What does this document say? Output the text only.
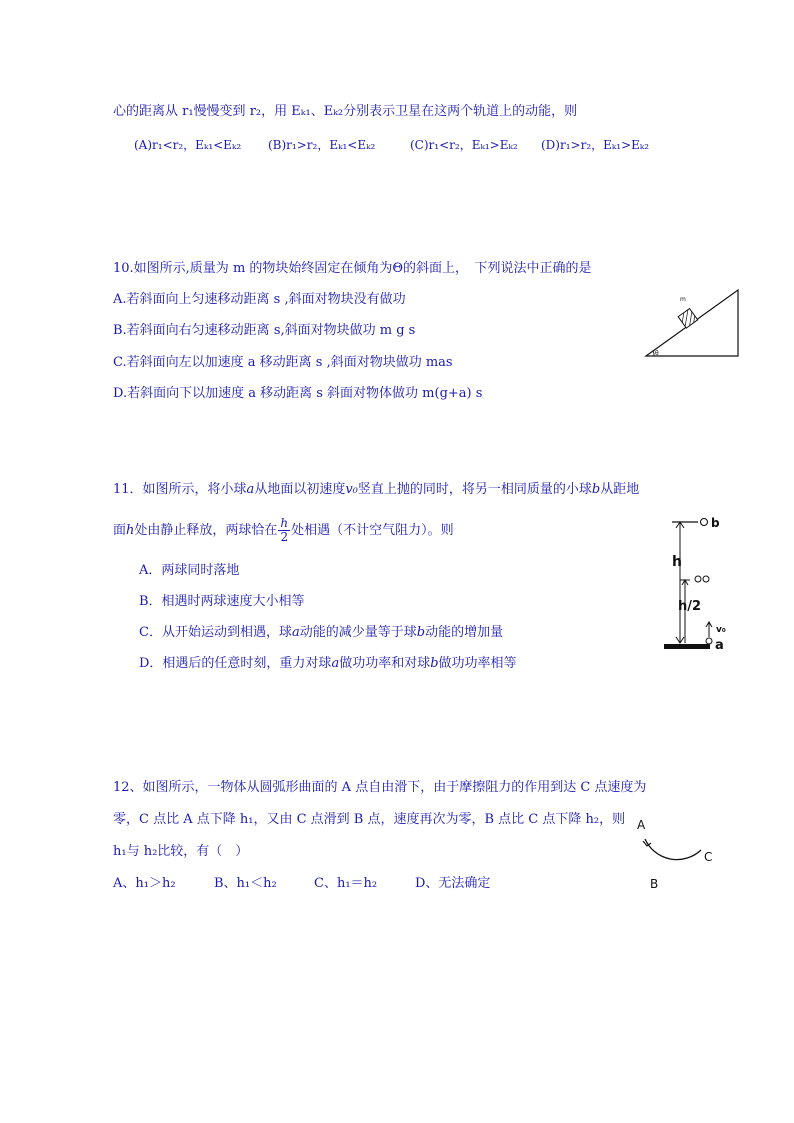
心的距离从 r₁慢慢变到 r₂，用 Eₖ₁、Eₖ₂分别表示卫星在这两个轨道上的动能，则
(A)r₁<r₂，Eₖ₁<Eₖ₂ (B)r₁>r₂，Eₖ₁<Eₖ₂	(C)r₁<r₂，Eₖ₁>Eₖ₂ (D)r₁>r₂，Eₖ₁>Eₖ₂
10.如图所示,质量为 m 的物块始终固定在倾角为Θ的斜面上，　下列说法中正确的是
A.若斜面向上匀速移动距离 s ,斜面对物块没有做功
B.若斜面向右匀速移动距离 s,斜面对物块做功 m g s
C.若斜面向左以加速度 a 移动距离 s ,斜面对物块做功 mas
D.若斜面向下以加速度 a 移动距离 s 斜面对物体做功 m(g+a) s
m
θ
11．如图所示，将小球a从地面以初速度v₀竖直上抛的同时，将另一相同质量的小球b从距地
面h处由静止释放，两球恰在 $\frac{h}{2}$ 处相遇（不计空气阻力）。则
A．两球同时落地
B．相遇时两球速度大小相等
C．从开始运动到相遇，球a动能的减少量等于球b动能的增加量
D．相遇后的任意时刻，重力对球a做功功率和对球b做功功率相等
b
h
h/2
v₀
a
12、如图所示，一物体从圆弧形曲面的 A 点自由滑下，由于摩擦阻力的作用到达 C 点速度为
零，C 点比 A 点下降 h₁，又由 C 点滑到 B 点，速度再次为零，B 点比 C 点下降 h₂，则
h₁与 h₂比较，有（　）
A、h₁＞h₂	B、h₁＜h₂	C、h₁＝h₂	D、无法确定
A
C
B
